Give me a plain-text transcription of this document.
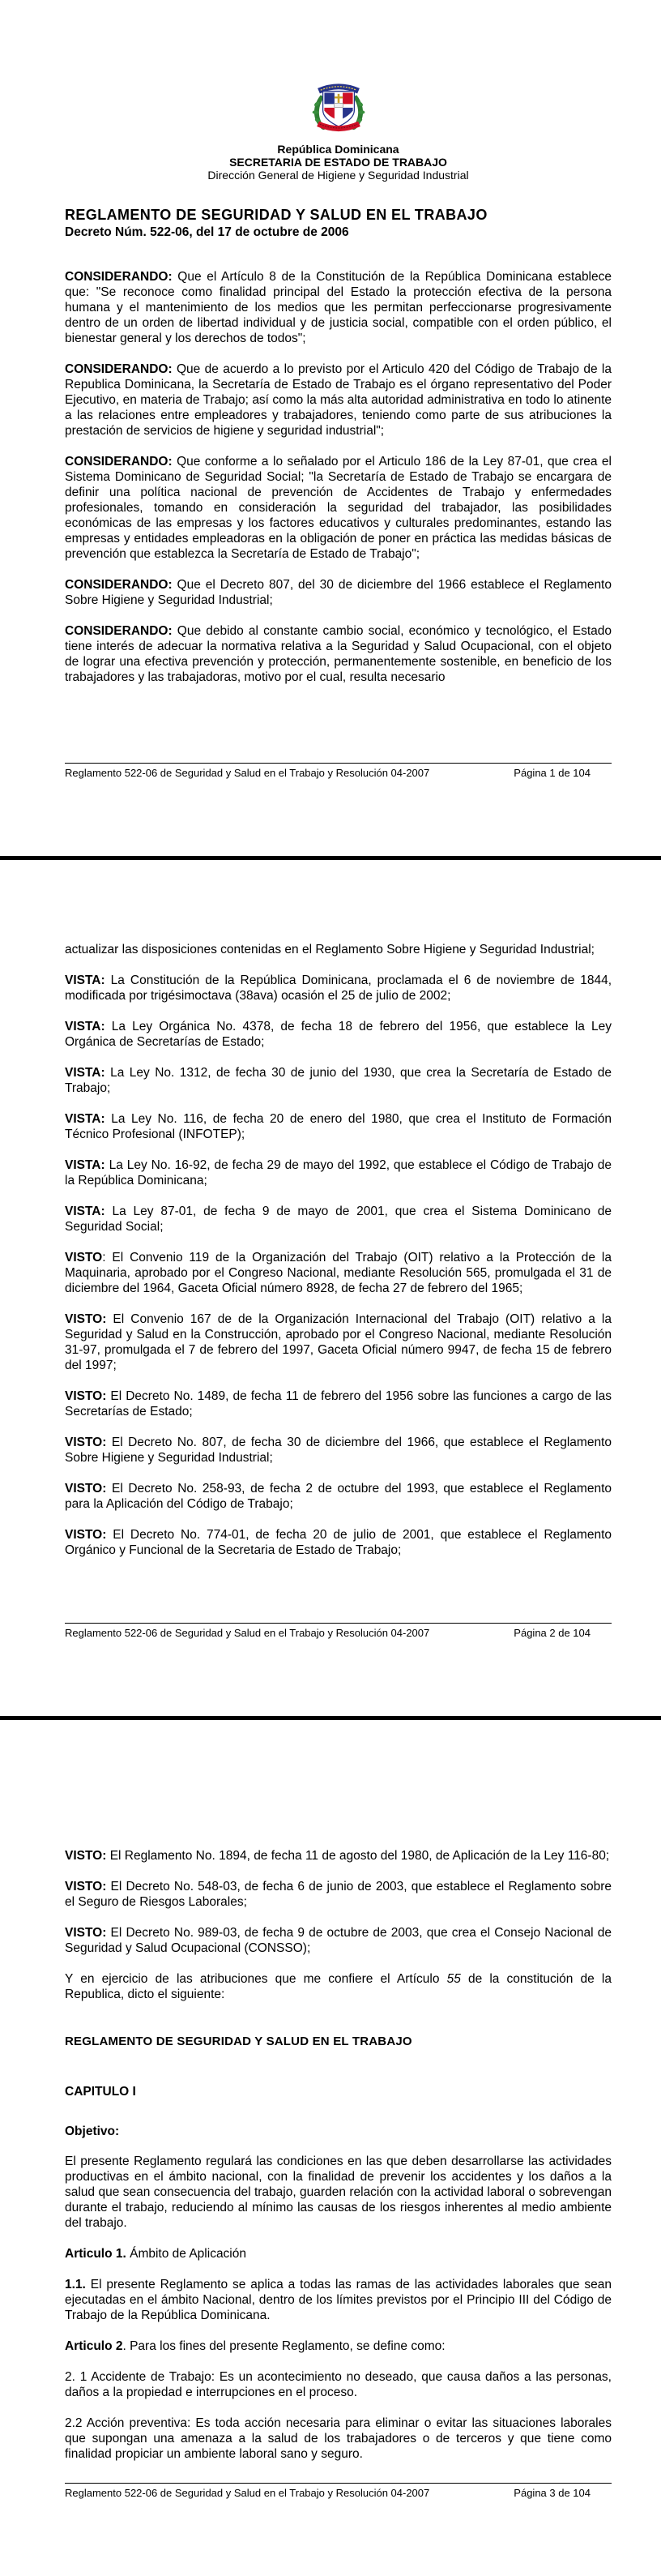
República Dominicana

SECRETARIA DE ESTADO DE TRABAJO

Dirección General de Higiene y Seguridad Industrial

REGLAMENTO DE SEGURIDAD Y SALUD EN EL TRABAJO
Decreto Núm. 522-06, del 17 de octubre de 2006

CONSIDERANDO: Que el Artículo 8 de la Constitución de la República Dominicana establece que: "Se reconoce como finalidad principal del Estado la protección efectiva de la persona humana y el mantenimiento de los medios que les permitan perfeccionarse progresivamente dentro de un orden de libertad individual y de justicia social, compatible con el orden público, el bienestar general y los derechos de todos";

CONSIDERANDO: Que de acuerdo a lo previsto por el Articulo 420 del Código de Trabajo de la Republica Dominicana, la Secretaría de Estado de Trabajo es el órgano representativo del Poder Ejecutivo, en materia de Trabajo; así como la más alta autoridad administrativa en todo lo atinente a las relaciones entre empleadores y trabajadores, teniendo como parte de sus atribuciones la prestación de servicios de higiene y seguridad industrial";

CONSIDERANDO: Que conforme a lo señalado por el Articulo 186 de la Ley 87-01, que crea el Sistema Dominicano de Seguridad Social; "la Secretaría de Estado de Trabajo se encargara de definir una política nacional de prevención de Accidentes de Trabajo y enfermedades profesionales, tomando en consideración la seguridad del trabajador, las posibilidades económicas de las empresas y los factores educativos y culturales predominantes, estando las empresas y entidades empleadoras en la obligación de poner en práctica las medidas básicas de prevención que establezca la Secretaría de Estado de Trabajo";

CONSIDERANDO: Que el Decreto 807, del 30 de diciembre del 1966 establece el Reglamento Sobre Higiene y Seguridad Industrial;

CONSIDERANDO: Que debido al constante cambio social, económico y tecnológico, el Estado tiene interés de adecuar la normativa relativa a la Seguridad y Salud Ocupacional, con el objeto de lograr una efectiva prevención y protección, permanentemente sostenible, en beneficio de los trabajadores y las trabajadoras, motivo por el cual, resulta necesario

Reglamento 522-06 de Seguridad y Salud en el Trabajo y Resolución 04-2007	Página 1 de 104

actualizar las disposiciones contenidas en el Reglamento Sobre Higiene y Seguridad Industrial;

VISTA: La Constitución de la República Dominicana, proclamada el 6 de noviembre de 1844, modificada por trigésimoctava (38ava) ocasión el 25 de julio de 2002;

VISTA: La Ley Orgánica No. 4378, de fecha 18 de febrero del 1956, que establece la Ley Orgánica de Secretarías de Estado;

VISTA: La Ley No. 1312, de fecha 30 de junio del 1930, que crea la Secretaría de Estado de Trabajo;

VISTA: La Ley No. 116, de fecha 20 de enero del 1980, que crea el Instituto de Formación Técnico Profesional (INFOTEP);

VISTA: La Ley No. 16-92, de fecha 29 de mayo del 1992, que establece el Código de Trabajo de la República Dominicana;

VISTA: La Ley 87-01, de fecha 9 de mayo de 2001, que crea el Sistema Dominicano de Seguridad Social;

VISTO: El Convenio 119 de la Organización del Trabajo (OIT) relativo a la Protección de la Maquinaria, aprobado por el Congreso Nacional, mediante Resolución 565, promulgada el 31 de diciembre del 1964, Gaceta Oficial número 8928, de fecha 27 de febrero del 1965;

VISTO: El Convenio 167 de de la Organización Internacional del Trabajo (OIT) relativo a la Seguridad y Salud en la Construcción, aprobado por el Congreso Nacional, mediante Resolución 31-97, promulgada el 7 de febrero del 1997, Gaceta Oficial número 9947, de fecha 15 de febrero del 1997;

VISTO: El Decreto No. 1489, de fecha 11 de febrero del 1956 sobre las funciones a cargo de las Secretarías de Estado;

VISTO: El Decreto No. 807, de fecha 30 de diciembre del 1966, que establece el Reglamento Sobre Higiene y Seguridad Industrial;

VISTO: El Decreto No. 258-93, de fecha 2 de octubre del 1993, que establece el Reglamento para la Aplicación del Código de Trabajo;

VISTO: El Decreto No. 774-01, de fecha 20 de julio de 2001, que establece el Reglamento Orgánico y Funcional de la Secretaria de Estado de Trabajo;

Reglamento 522-06 de Seguridad y Salud en el Trabajo y Resolución 04-2007	Página 2 de 104

VISTO: El Reglamento No. 1894, de fecha 11 de agosto del 1980, de Aplicación de la Ley 116-80;

VISTO: El Decreto No. 548-03, de fecha 6 de junio de 2003, que establece el Reglamento sobre el Seguro de Riesgos Laborales;

VISTO: El Decreto No. 989-03, de fecha 9 de octubre de 2003, que crea el Consejo Nacional de Seguridad y Salud Ocupacional (CONSSO);

Y en ejercicio de las atribuciones que me confiere el Artículo 55 de la constitución de la Republica, dicto el siguiente:

REGLAMENTO DE SEGURIDAD Y SALUD EN EL TRABAJO
CAPITULO I

Objetivo:

El presente Reglamento regulará las condiciones en las que deben desarrollarse las actividades productivas en el ámbito nacional, con la finalidad de prevenir los accidentes y los daños a la salud que sean consecuencia del trabajo, guarden relación con la actividad laboral o sobrevengan durante el trabajo, reduciendo al mínimo las causas de los riesgos inherentes al medio ambiente del trabajo.

Articulo 1. Ámbito de Aplicación

1.1. El presente Reglamento se aplica a todas las ramas de las actividades laborales que sean ejecutadas en el ámbito Nacional, dentro de los límites previstos por el Principio III del Código de Trabajo de la República Dominicana.

Articulo 2. Para los fines del presente Reglamento, se define como:

2. 1 Accidente de Trabajo: Es un acontecimiento no deseado, que causa daños a las personas, daños a la propiedad e interrupciones en el proceso.

2.2 Acción preventiva: Es toda acción necesaria para eliminar o evitar las situaciones laborales que supongan una amenaza a la salud de los trabajadores o de terceros y que tiene como finalidad propiciar un ambiente laboral sano y seguro.

Reglamento 522-06 de Seguridad y Salud en el Trabajo y Resolución 04-2007	Página 3 de 104
